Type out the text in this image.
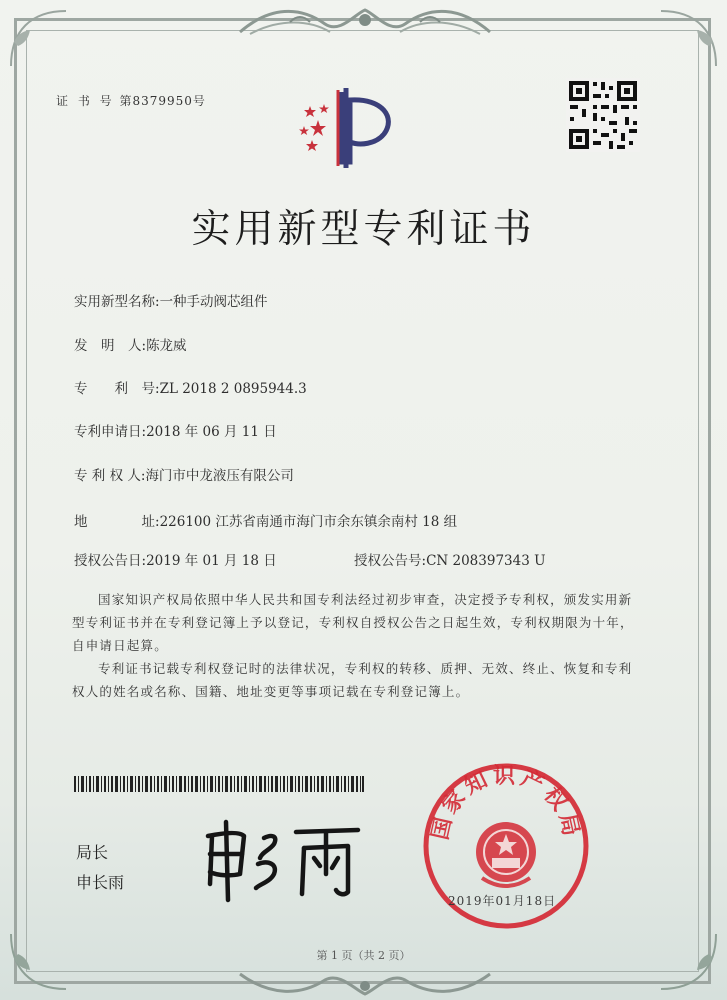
证 书 号 第8379950号
实用新型专利证书
实用新型名称:一种手动阀芯组件
发　明　人:陈龙威
专　　利　号:ZL 2018 2 0895944.3
专利申请日:2018 年 06 月 11 日
专 利 权 人:海门市中龙液压有限公司
地　　　　址:226100 江苏省南通市海门市余东镇余南村 18 组
授权公告日:2019 年 01 月 18 日	授权公告号:CN 208397343 U
国家知识产权局依照中华人民共和国专利法经过初步审查，决定授予专利权，颁发实用新型专利证书并在专利登记簿上予以登记，专利权自授权公告之日起生效，专利权期限为十年，自申请日起算。
专利证书记载专利权登记时的法律状况，专利权的转移、质押、无效、终止、恢复和专利权人的姓名或名称、国籍、地址变更等事项记载在专利登记簿上。
局长
申长雨
国家知识产权局
2019年01月18日
第 1 页（共 2 页）
